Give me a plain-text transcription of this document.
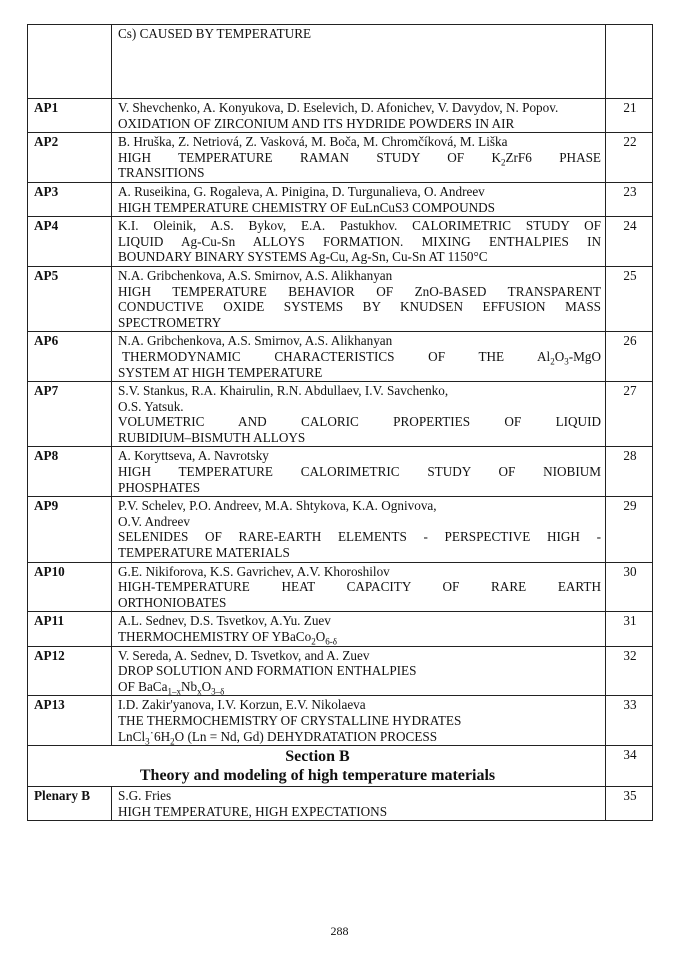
	Cs) CAUSED BY TEMPERATURE	

AP1	V. Shevchenko, A. Konyukova, D. Eselevich, D. Afonichev, V. Davydov, N. Popov.
OXIDATION OF ZIRCONIUM AND ITS HYDRIDE POWDERS IN AIR	21
AP2	B. Hruška, Z. Netriová, Z. Vasková, M. Boča, M. Chromčíková, M. Liška
HIGH TEMPERATURE RAMAN STUDY OF $K_2ZrF6$ PHASE
TRANSITIONS	22
AP3	A. Ruseikina, G. Rogaleva, A. Pinigina, D. Turgunalieva, O. Andreev
HIGH TEMPERATURE CHEMISTRY OF EuLnCuS3 COMPOUNDS	23
AP4	K.I. Oleinik, A.S. Bykov, E.A. Pastukhov. CALORIMETRIC STUDY OF
LIQUID Ag-Cu-Sn ALLOYS FORMATION. MIXING ENTHALPIES IN
BOUNDARY BINARY SYSTEMS Ag-Cu, Ag-Sn, Cu-Sn AT 1150°C	24
AP5	N.A. Gribchenkova, A.S. Smirnov, A.S. Alikhanyan
HIGH TEMPERATURE BEHAVIOR OF ZnO-BASED TRANSPARENT
CONDUCTIVE OXIDE SYSTEMS BY KNUDSEN EFFUSION MASS
SPECTROMETRY	25
AP6	N.A. Gribchenkova, A.S. Smirnov, A.S. Alikhanyan
THERMODYNAMIC CHARACTERISTICS OF THE $Al_2O_3$-MgO
SYSTEM AT HIGH TEMPERATURE	26
AP7	S.V. Stankus, R.A. Khairulin, R.N. Abdullaev, I.V. Savchenko,
O.S. Yatsuk.
VOLUMETRIC AND CALORIC PROPERTIES OF LIQUID
RUBIDIUM–BISMUTH ALLOYS	27
AP8	A. Koryttseva, A. Navrotsky
HIGH TEMPERATURE CALORIMETRIC STUDY OF NIOBIUM
PHOSPHATES	28
AP9	P.V. Schelev, P.O. Andreev, M.A. Shtykova, K.A. Ognivova,
O.V. Andreev
SELENIDES OF RARE-EARTH ELEMENTS - PERSPECTIVE HIGH -
TEMPERATURE MATERIALS	29
AP10	G.E. Nikiforova, K.S. Gavrichev, A.V. Khoroshilov
HIGH-TEMPERATURE HEAT CAPACITY OF RARE EARTH
ORTHONIOBATES	30
AP11	A.L. Sednev, D.S. Tsvetkov, A.Yu. Zuev
THERMOCHEMISTRY OF $YBaCo_2O_{6-\delta}$	31
AP12	V. Sereda, A. Sednev, D. Tsvetkov, and A. Zuev
DROP SOLUTION AND FORMATION ENTHALPIES
OF $BaCa_{1-x}Nb_xO_{3-\delta}$	32
AP13	I.D. Zakir'yanova, I.V. Korzun, E.V. Nikolaeva
THE THERMOCHEMISTRY OF CRYSTALLINE HYDRATES
$LnCl_3˙6H_2O$ (Ln = Nd, Gd) DEHYDRATATION PROCESS	33

Section B
Theory and modeling of high temperature materials		34
Plenary B	S.G. Fries
HIGH TEMPERATURE, HIGH EXPECTATIONS	35
288
